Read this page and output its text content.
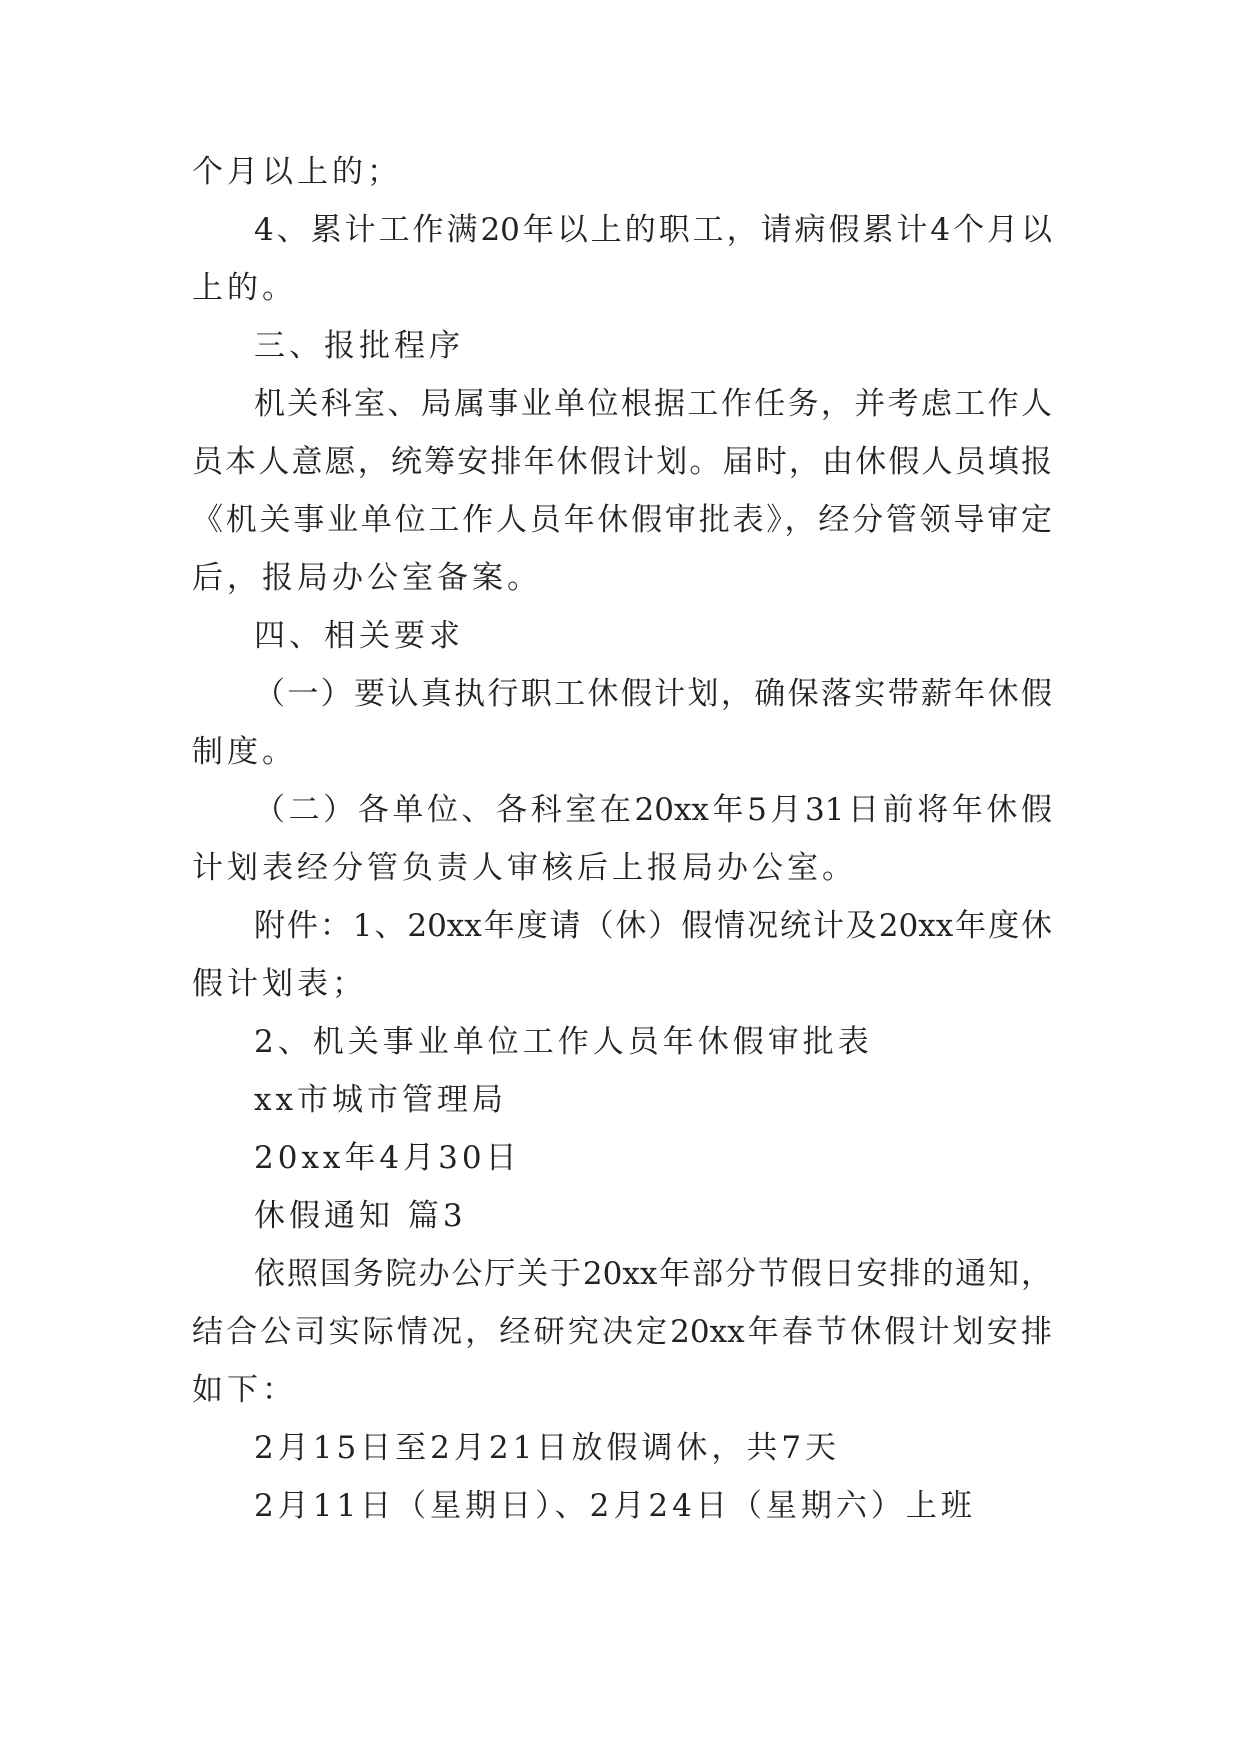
个月以上的；
4、累计工作满20年以上的职工，请病假累计4个月以
上的。
三、报批程序
机关科室、局属事业单位根据工作任务，并考虑工作人
员本人意愿，统筹安排年休假计划。届时，由休假人员填报
《机关事业单位工作人员年休假审批表》，经分管领导审定
后，报局办公室备案。
四、相关要求
（一）要认真执行职工休假计划，确保落实带薪年休假
制度。
（二）各单位、各科室在20xx年5月31日前将年休假
计划表经分管负责人审核后上报局办公室。
附件：1、20xx年度请（休）假情况统计及20xx年度休
假计划表；
2、机关事业单位工作人员年休假审批表
xx市城市管理局
20xx年4月30日
休假通知 篇3
依照国务院办公厅关于20xx年部分节假日安排的通知，
结合公司实际情况，经研究决定20xx年春节休假计划安排
如下：
2月15日至2月21日放假调休，共7天
2月11日（星期日）、2月24日（星期六）上班
